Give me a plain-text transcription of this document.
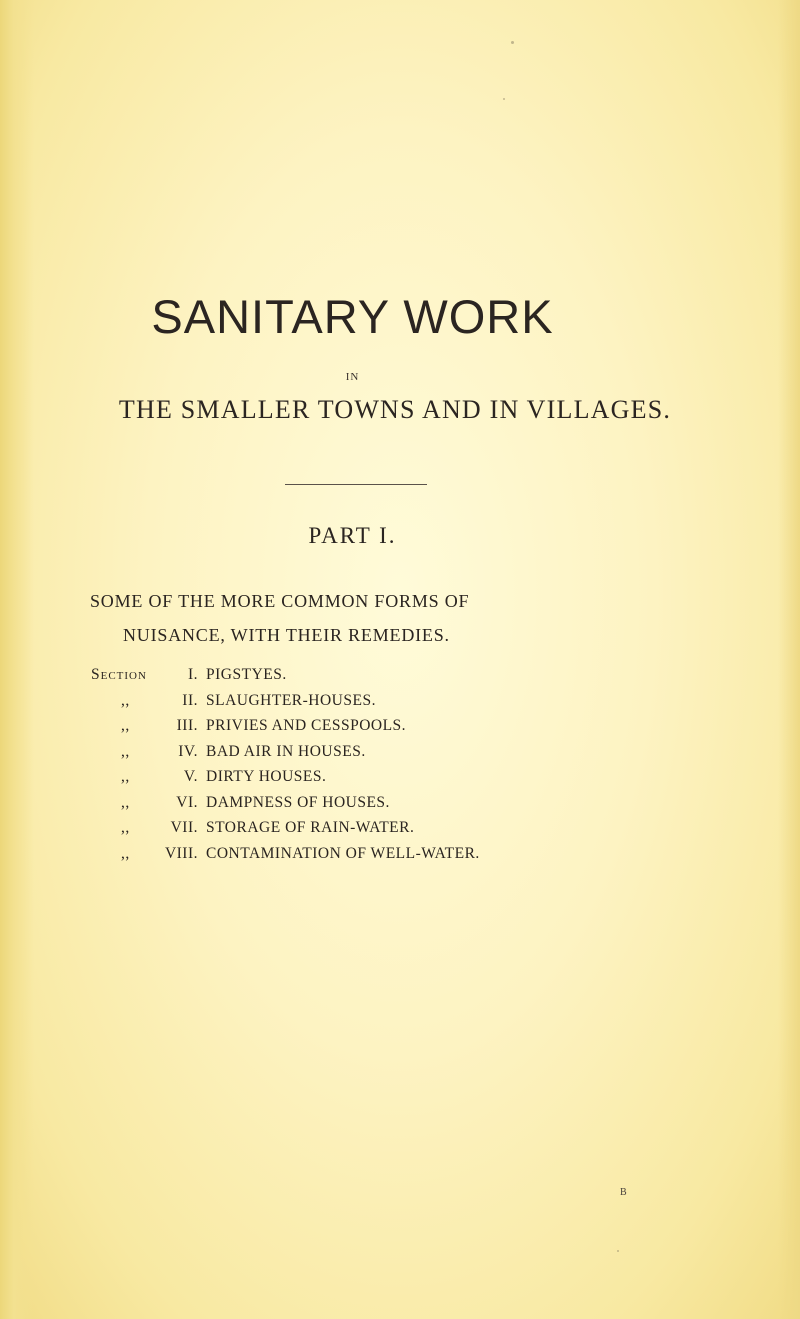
SANITARY WORK
IN
THE SMALLER TOWNS AND IN VILLAGES.
PART I.
SOME OF THE MORE COMMON FORMS OF
NUISANCE, WITH THEIR REMEDIES.
Section	I. PIGSTYES.
,,	II. SLAUGHTER-HOUSES.
,,	III. PRIVIES AND CESSPOOLS.
,,	IV. BAD AIR IN HOUSES.
,,	V. DIRTY HOUSES.
,,	VI. DAMPNESS OF HOUSES.
,,	VII. STORAGE OF RAIN-WATER.
,,	VIII. CONTAMINATION OF WELL-WATER.
B
